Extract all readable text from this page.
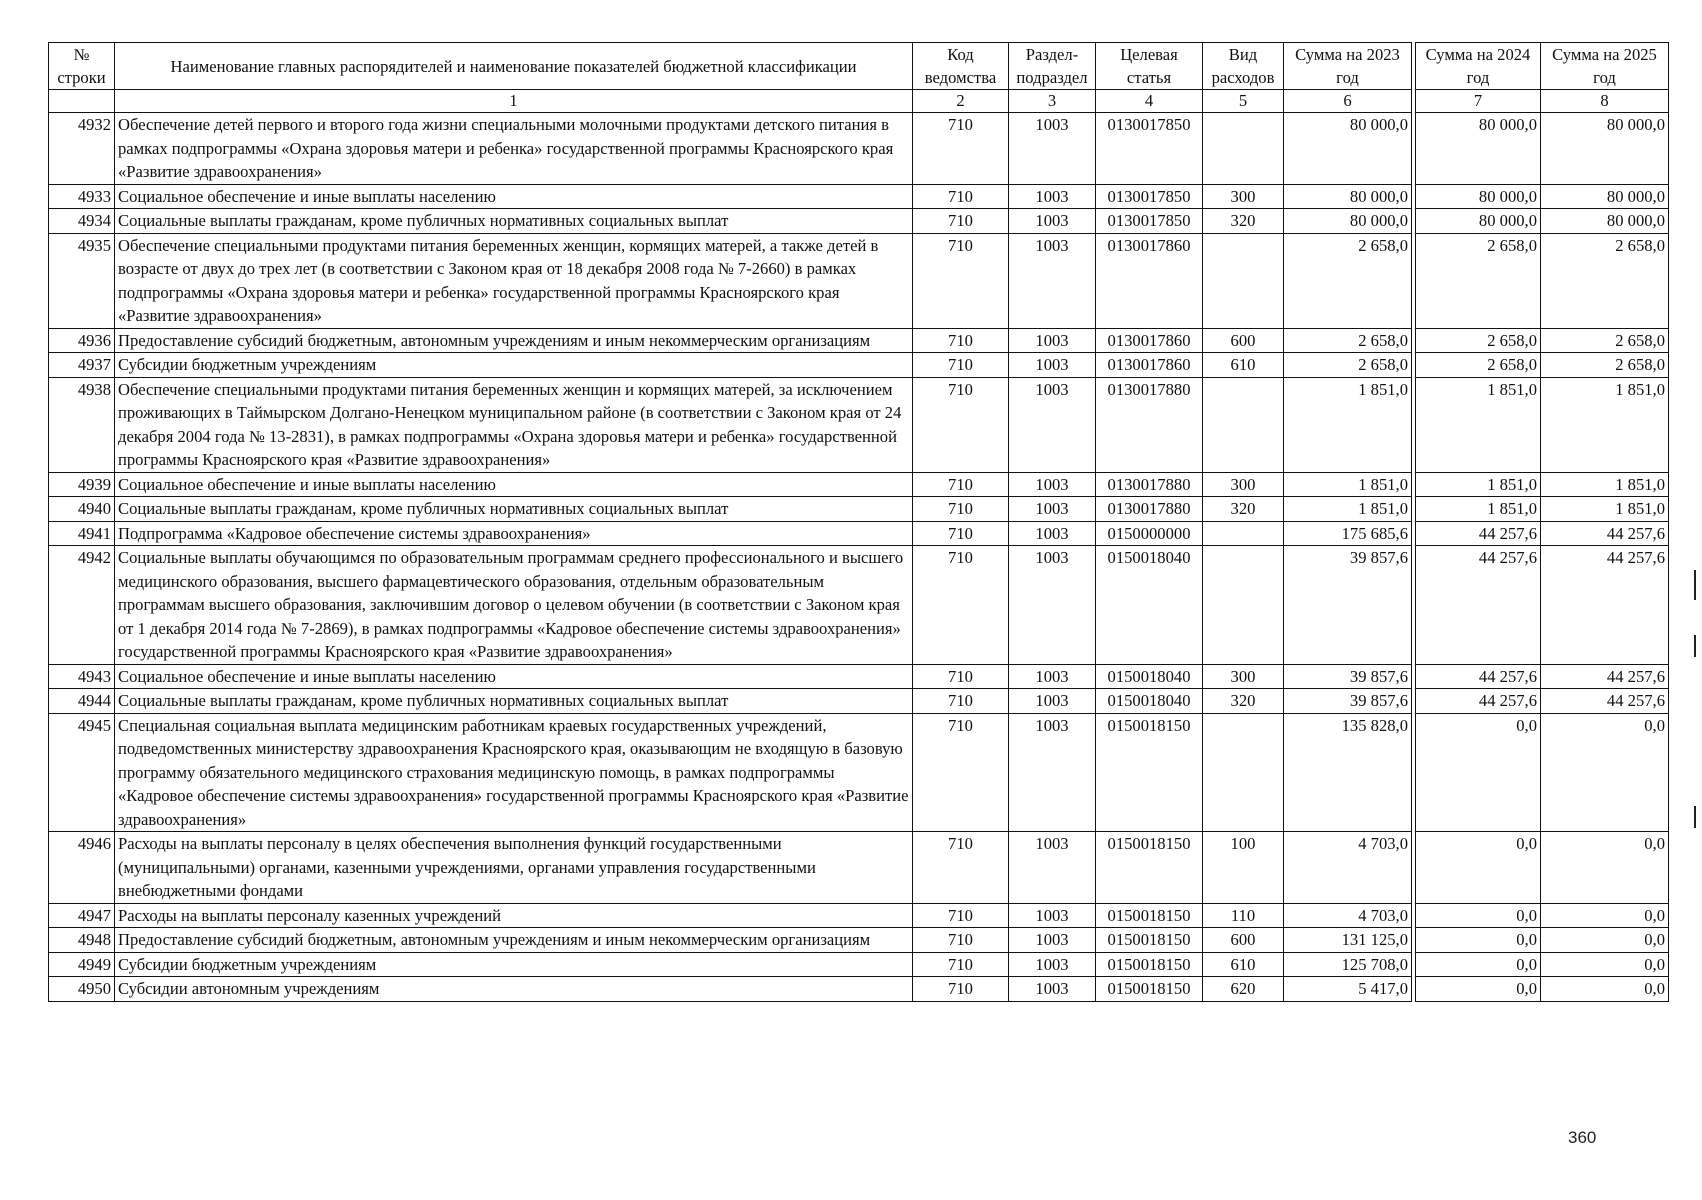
№ строки	Наименование главных распорядителей и наименование показателей бюджетной классификации	Код ведомства	Раздел-подраздел	Целевая статья	Вид расходов	Сумма на 2023 год		Сумма на 2024 год	Сумма на 2025 год
	1	2	3	4	5	6		7	8
4932	Обеспечение детей первого и второго года жизни специальными молочными продуктами детского питания в рамках подпрограммы «Охрана здоровья матери и ребенка» государственной программы Красноярского края «Развитие здравоохранения»	710	1003	0130017850		80 000,0		80 000,0	80 000,0
4933	Социальное обеспечение и иные выплаты населению	710	1003	0130017850	300	80 000,0		80 000,0	80 000,0
4934	Социальные выплаты гражданам, кроме публичных нормативных социальных выплат	710	1003	0130017850	320	80 000,0		80 000,0	80 000,0
4935	Обеспечение специальными продуктами питания беременных женщин, кормящих матерей, а также детей в возрасте от двух до трех лет (в соответствии с Законом края от 18 декабря 2008 года № 7-2660) в рамках подпрограммы «Охрана здоровья матери и ребенка» государственной программы Красноярского края «Развитие здравоохранения»	710	1003	0130017860		2 658,0		2 658,0	2 658,0
4936	Предоставление субсидий бюджетным, автономным учреждениям и иным некоммерческим организациям	710	1003	0130017860	600	2 658,0		2 658,0	2 658,0
4937	Субсидии бюджетным учреждениям	710	1003	0130017860	610	2 658,0		2 658,0	2 658,0
4938	Обеспечение специальными продуктами питания беременных женщин и кормящих матерей, за исключением проживающих в Таймырском Долгано-Ненецком муниципальном районе (в соответствии с Законом края от 24 декабря 2004 года № 13-2831), в рамках подпрограммы «Охрана здоровья матери и ребенка» государственной программы Красноярского края «Развитие здравоохранения»	710	1003	0130017880		1 851,0		1 851,0	1 851,0
4939	Социальное обеспечение и иные выплаты населению	710	1003	0130017880	300	1 851,0		1 851,0	1 851,0
4940	Социальные выплаты гражданам, кроме публичных нормативных социальных выплат	710	1003	0130017880	320	1 851,0		1 851,0	1 851,0
4941	Подпрограмма «Кадровое обеспечение системы здравоохранения»	710	1003	0150000000		175 685,6		44 257,6	44 257,6
4942	Социальные выплаты обучающимся по образовательным программам среднего профессионального и высшего медицинского образования, высшего фармацевтического образования, отдельным образовательным программам высшего образования, заключившим договор о целевом обучении (в соответствии с Законом края от 1 декабря 2014 года № 7-2869), в рамках подпрограммы «Кадровое обеспечение системы здравоохранения» государственной программы Красноярского края «Развитие здравоохранения»	710	1003	0150018040		39 857,6		44 257,6	44 257,6
4943	Социальное обеспечение и иные выплаты населению	710	1003	0150018040	300	39 857,6		44 257,6	44 257,6
4944	Социальные выплаты гражданам, кроме публичных нормативных социальных выплат	710	1003	0150018040	320	39 857,6		44 257,6	44 257,6
4945	Специальная социальная выплата медицинским работникам краевых государственных учреждений, подведомственных министерству здравоохранения Красноярского края, оказывающим не входящую в базовую программу обязательного медицинского страхования медицинскую помощь, в рамках подпрограммы «Кадровое обеспечение системы здравоохранения» государственной программы Красноярского края «Развитие здравоохранения»	710	1003	0150018150		135 828,0		0,0	0,0
4946	Расходы на выплаты персоналу в целях обеспечения выполнения функций государственными (муниципальными) органами, казенными учреждениями, органами управления государственными внебюджетными фондами	710	1003	0150018150	100	4 703,0		0,0	0,0
4947	Расходы на выплаты персоналу казенных учреждений	710	1003	0150018150	110	4 703,0		0,0	0,0
4948	Предоставление субсидий бюджетным, автономным учреждениям и иным некоммерческим организациям	710	1003	0150018150	600	131 125,0		0,0	0,0
4949	Субсидии бюджетным учреждениям	710	1003	0150018150	610	125 708,0		0,0	0,0
4950	Субсидии автономным учреждениям	710	1003	0150018150	620	5 417,0		0,0	0,0
360
